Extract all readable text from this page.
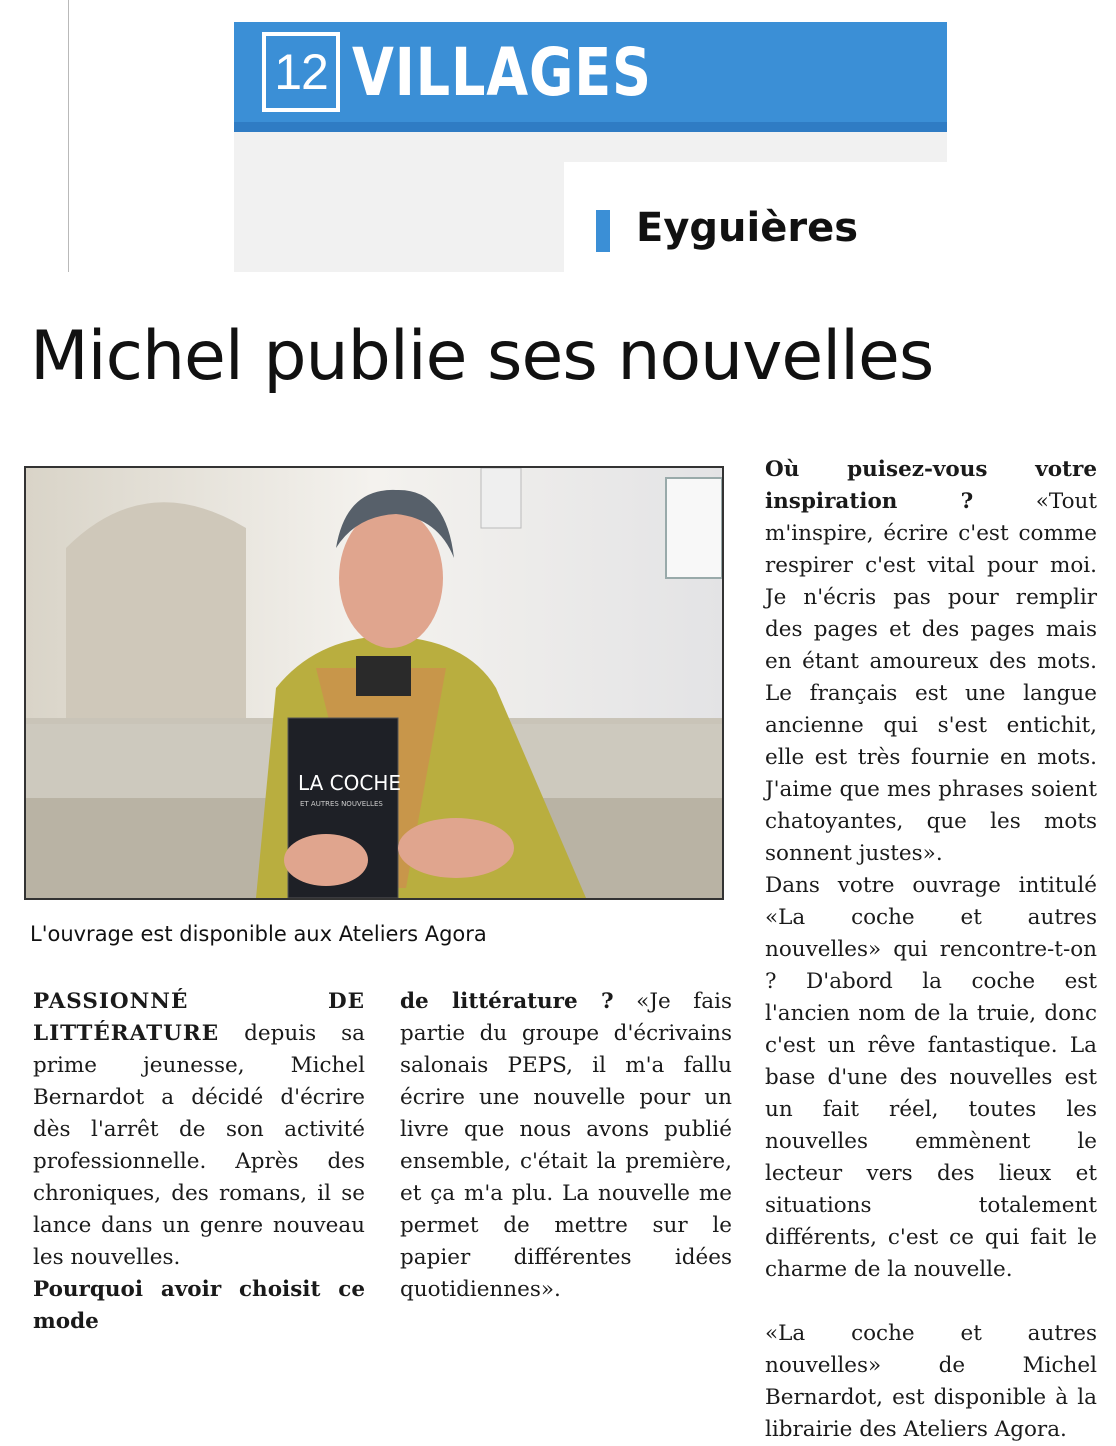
12 VILLAGES
Eyguières
Michel publie ses nouvelles
LA COCHE
ET AUTRES NOUVELLES
L'ouvrage est disponible aux Ateliers Agora

PASSIONNÉ DE LITTÉRATURE depuis sa prime jeunesse, Michel Bernardot a décidé d'écrire dès l'arrêt de son activité professionnelle. Après des chroniques, des romans, il se lance dans un genre nouveau les nouvelles.

Pourquoi avoir choisit ce mode

de littérature ? «Je fais partie du groupe d'écrivains salonais PEPS, il m'a fallu écrire une nouvelle pour un livre que nous avons publié ensemble, c'était la première, et ça m'a plu. La nouvelle me permet de mettre sur le papier différentes idées quotidiennes».

Où puisez-vous votre inspiration ? «Tout m'inspire, écrire c'est comme respirer c'est vital pour moi. Je n'écris pas pour remplir des pages et des pages mais en étant amoureux des mots. Le français est une langue ancienne qui s'est entichit, elle est très fournie en mots. J'aime que mes phrases soient chatoyantes, que les mots sonnent justes».

Dans votre ouvrage intitulé «La coche et autres nouvelles» qui rencontre-t-on ? D'abord la coche est l'ancien nom de la truie, donc c'est un rêve fantastique. La base d'une des nouvelles est un fait réel, toutes les nouvelles emmènent le lecteur vers des lieux et situations totalement différents, c'est ce qui fait le charme de la nouvelle.

«La coche et autres nouvelles» de Michel Bernardot, est disponible à la librairie des Ateliers Agora.
